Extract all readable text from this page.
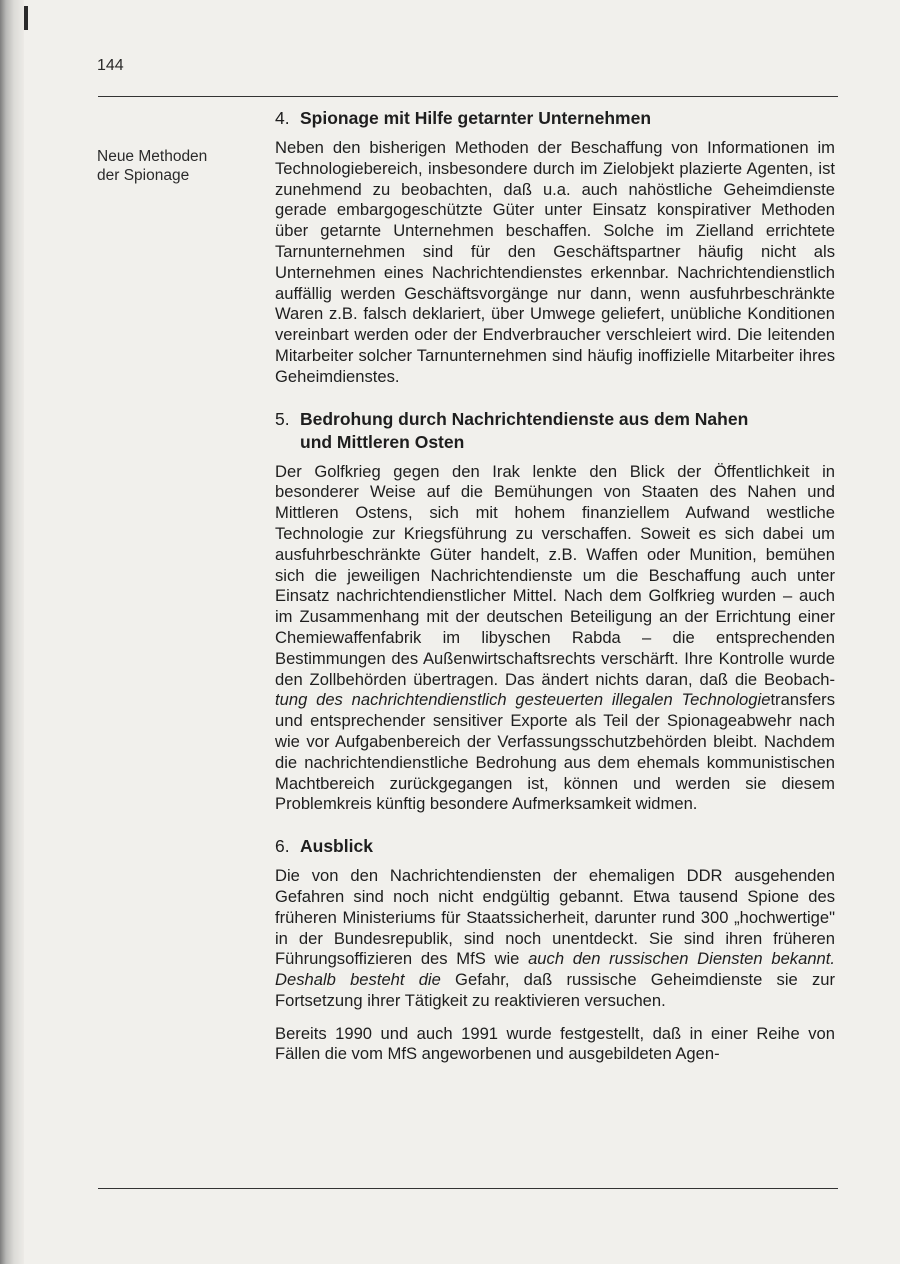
144
Neue Methoden
der Spionage
4. Spionage mit Hilfe getarnter Unternehmen

Neben den bisherigen Methoden der Beschaffung von Informationen im Technologiebereich, insbesondere durch im Zielobjekt plazierte Agenten, ist zunehmend zu beobachten, daß u.a. auch nahöstliche Geheimdienste gerade embargogeschützte Güter unter Einsatz konspirativer Methoden über getarnte Unternehmen beschaffen. Solche im Zielland errichtete Tarnunternehmen sind für den Geschäftspartner häufig nicht als Unternehmen eines Nachrichtendienstes erkennbar. Nachrichtendienstlich auffällig werden Geschäftsvorgänge nur dann, wenn ausfuhrbeschränkte Waren z.B. falsch deklariert, über Umwege geliefert, unübliche Konditionen vereinbart werden oder der Endverbraucher verschleiert wird. Die leitenden Mitarbeiter solcher Tarnunternehmen sind häufig inoffizielle Mitarbeiter ihres Geheimdienstes.

5. Bedrohung durch Nachrichtendienste aus dem Nahen
und Mittleren Osten

Der Golfkrieg gegen den Irak lenkte den Blick der Öffentlichkeit in besonderer Weise auf die Bemühungen von Staaten des Nahen und Mittleren Ostens, sich mit hohem finanziellem Aufwand westliche Technologie zur Kriegsführung zu verschaffen. Soweit es sich dabei um ausfuhrbeschränkte Güter handelt, z.B. Waffen oder Munition, bemühen sich die jeweiligen Nachrichtendienste um die Beschaffung auch unter Einsatz nachrichtendienstlicher Mittel. Nach dem Golfkrieg wurden – auch im Zusammenhang mit der deutschen Beteiligung an der Errichtung einer Chemiewaffenfabrik im libyschen Rabda – die entsprechenden Bestimmungen des Außenwirtschaftsrechts verschärft. Ihre Kontrolle wurde den Zollbehörden übertragen. Das ändert nichts daran, daß die Beobachtung des nachrichtendienstlich gesteuerten illegalen Technologietransfers und entsprechender sensitiver Exporte als Teil der Spionageabwehr nach wie vor Aufgabenbereich der Verfassungsschutzbehörden bleibt. Nachdem die nachrichtendienstliche Bedrohung aus dem ehemals kommunistischen Machtbereich zurückgegangen ist, können und werden sie diesem Problemkreis künftig besondere Aufmerksamkeit widmen.

6. Ausblick

Die von den Nachrichtendiensten der ehemaligen DDR ausgehenden Gefahren sind noch nicht endgültig gebannt. Etwa tausend Spione des früheren Ministeriums für Staatssicherheit, darunter rund 300 „hochwertige" in der Bundesrepublik, sind noch unentdeckt. Sie sind ihren früheren Führungsoffizieren des MfS wie auch den russischen Diensten bekannt. Deshalb besteht die Gefahr, daß russische Geheimdienste sie zur Fortsetzung ihrer Tätigkeit zu reaktivieren versuchen.

Bereits 1990 und auch 1991 wurde festgestellt, daß in einer Reihe von Fällen die vom MfS angeworbenen und ausgebildeten Agen-
